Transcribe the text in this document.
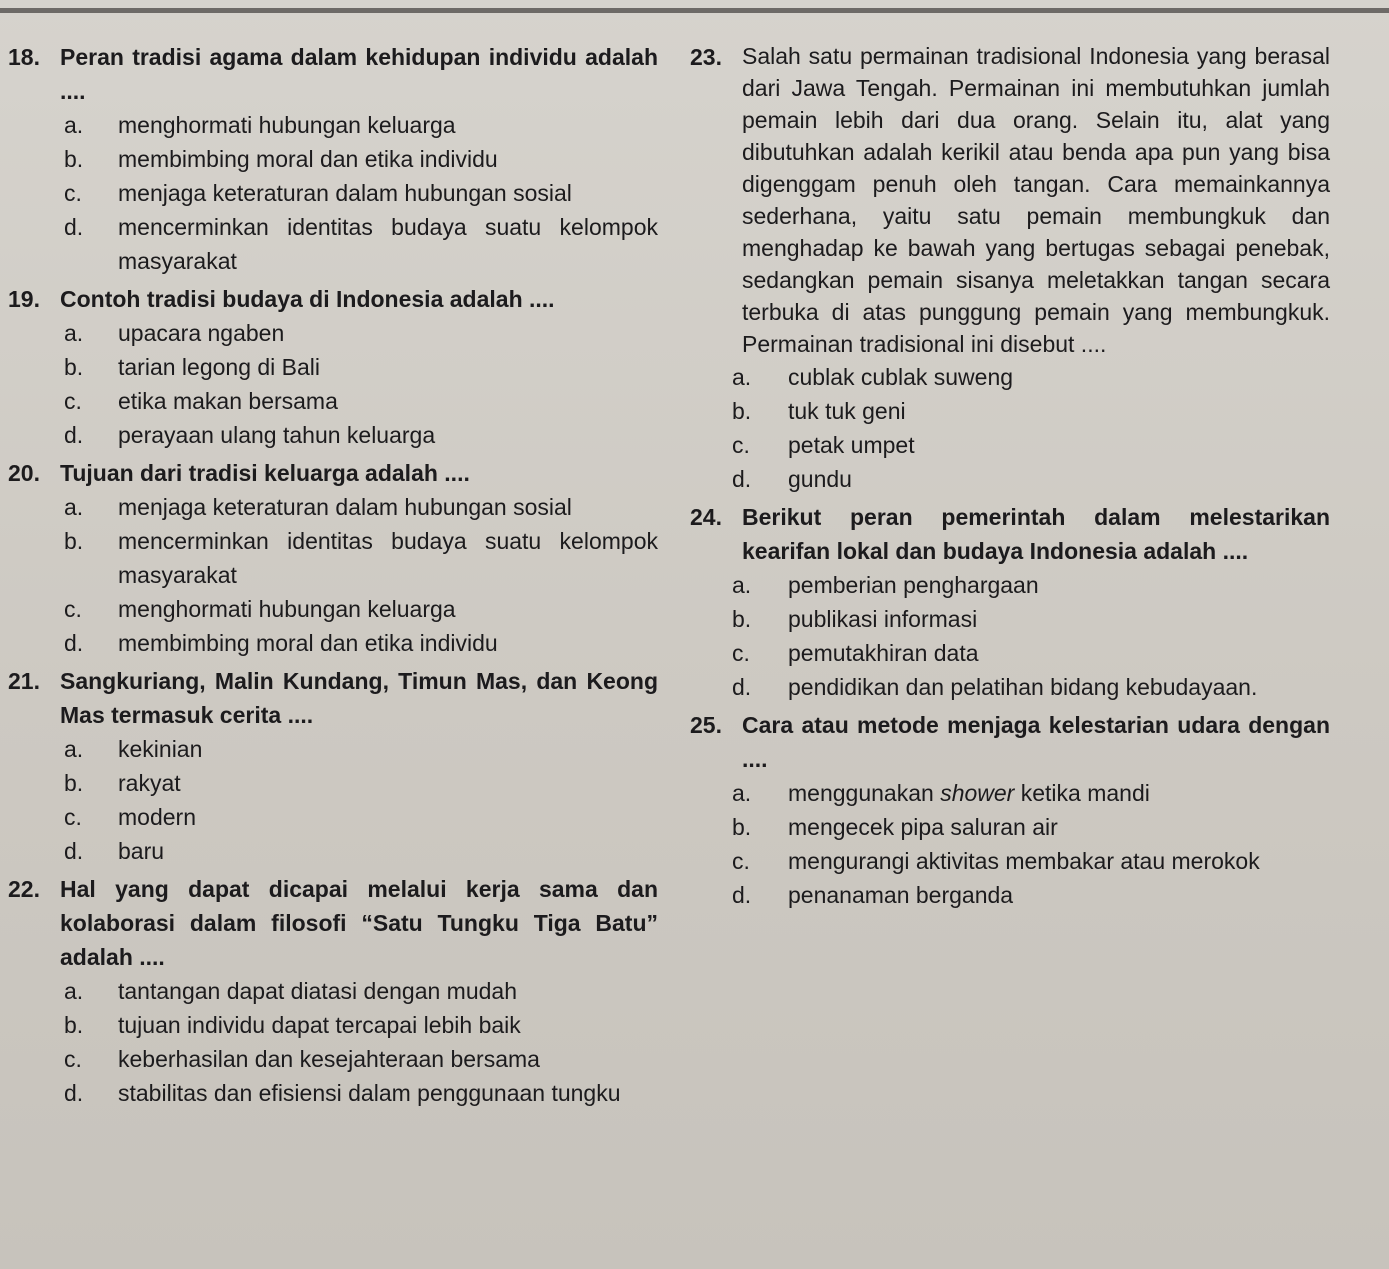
18. Peran tradisi agama dalam kehidupan individu adalah ....
a.	menghormati hubungan keluarga
b.	membimbing moral dan etika individu
c.	menjaga keteraturan dalam hubungan sosial
d.	mencerminkan identitas budaya suatu kelompok masyarakat
19. Contoh tradisi budaya di Indonesia adalah ....
a.	upacara ngaben
b.	tarian legong di Bali
c.	etika makan bersama
d.	perayaan ulang tahun keluarga
20. Tujuan dari tradisi keluarga adalah ....
a.	menjaga keteraturan dalam hubungan sosial
b.	mencerminkan identitas budaya suatu kelompok masyarakat
c.	menghormati hubungan keluarga
d.	membimbing moral dan etika individu
21. Sangkuriang, Malin Kundang, Timun Mas, dan Keong Mas termasuk cerita ....
a.	kekinian
b.	rakyat
c.	modern
d.	baru
22. Hal yang dapat dicapai melalui kerja sama dan kolaborasi dalam filosofi “Satu Tungku Tiga Batu” adalah ....
a.	tantangan dapat diatasi dengan mudah
b.	tujuan individu dapat tercapai lebih baik
c.	keberhasilan dan kesejahteraan bersama
d.	stabilitas dan efisiensi dalam penggunaan tungku
23. Salah satu permainan tradisional Indonesia yang berasal dari Jawa Tengah. Permainan ini membutuhkan jumlah pemain lebih dari dua orang. Selain itu, alat yang dibutuhkan adalah kerikil atau benda apa pun yang bisa digenggam penuh oleh tangan. Cara memainkannya sederhana, yaitu satu pemain membungkuk dan menghadap ke bawah yang bertugas sebagai penebak, sedangkan pemain sisanya meletakkan tangan secara terbuka di atas punggung pemain yang membungkuk. Permainan tradisional ini disebut ....
a.	cublak cublak suweng
b.	tuk tuk geni
c.	petak umpet
d.	gundu
24. Berikut peran pemerintah dalam melestarikan kearifan lokal dan budaya Indonesia adalah ....
a.	pemberian penghargaan
b.	publikasi informasi
c.	pemutakhiran data
d.	pendidikan dan pelatihan bidang kebudayaan.
25. Cara atau metode menjaga kelestarian udara dengan ....
a.	menggunakan shower ketika mandi
b.	mengecek pipa saluran air
c.	mengurangi aktivitas membakar atau merokok
d.	penanaman berganda
